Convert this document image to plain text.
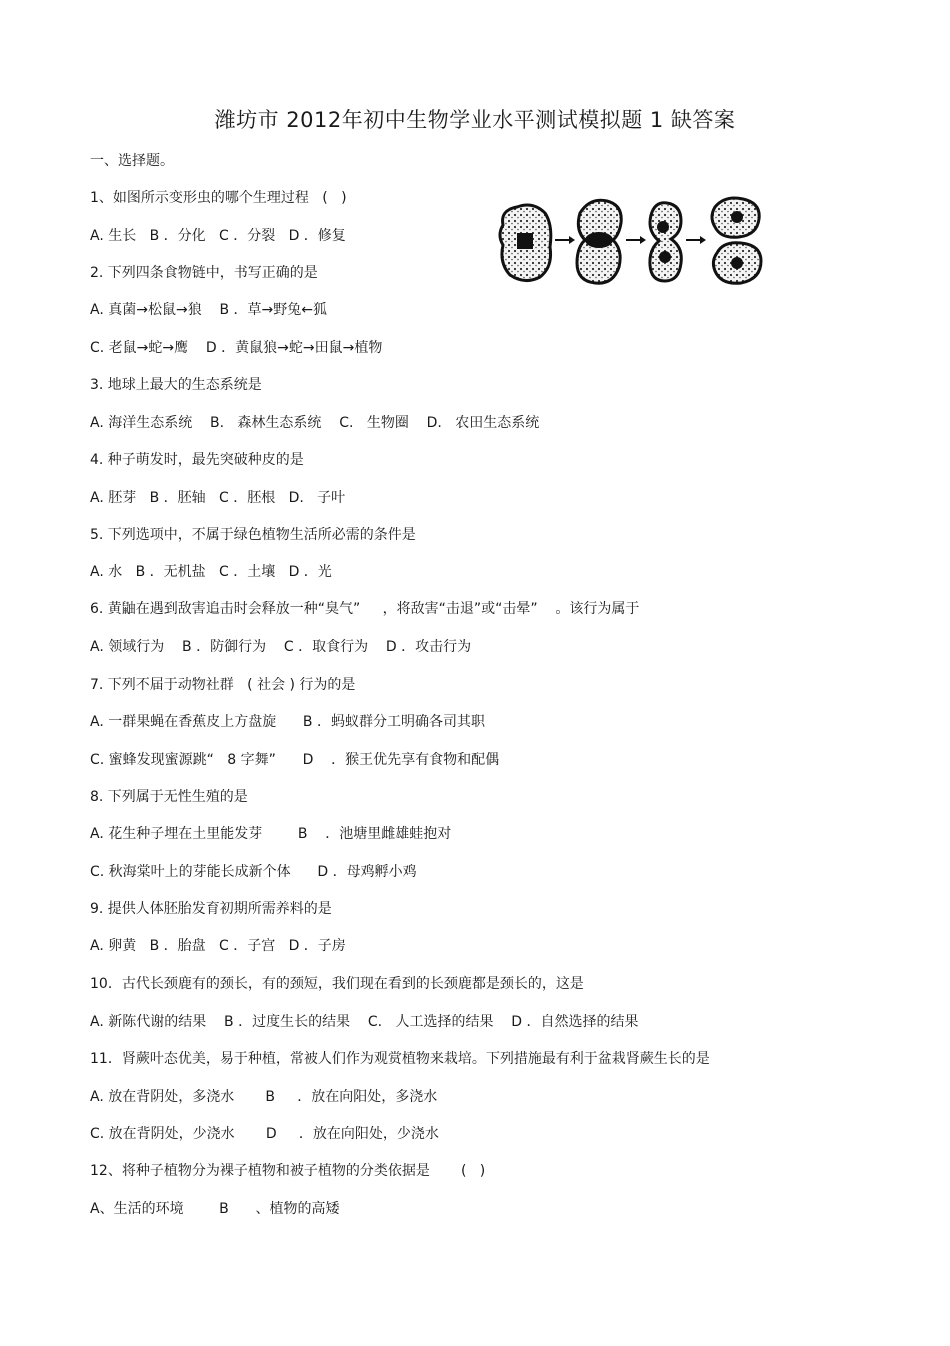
潍坊市 2012年初中生物学业水平测试模拟题 1 缺答案
一、选择题。
1、如图所示变形虫的哪个生理过程   (   )
A. 生长   B ．分化   C ．分裂   D ．修复
2. 下列四条食物链中，书写正确的是
A. 真菌→松鼠→狼    B ．草→野兔←狐
C. 老鼠→蛇→鹰    D ．黄鼠狼→蛇→田鼠→植物
3. 地球上最大的生态系统是
A. 海洋生态系统    B.   森林生态系统    C.   生物圈    D.   农田生态系统
4. 种子萌发时，最先突破种皮的是
A. 胚芽   B ．胚轴   C ．胚根   D.   子叶
5. 下列选项中，不属于绿色植物生活所必需的条件是
A. 水   B ．无机盐   C ．土壤   D ．光
6. 黄鼬在遇到敌害追击时会释放一种“臭气”     ，将敌害“击退”或“击晕”    。该行为属于
A. 领域行为    B ．防御行为    C ．取食行为    D ．攻击行为
7. 下列不届于动物社群   ( 社会 ) 行为的是
A. 一群果蝇在香蕉皮上方盘旋      B ．蚂蚁群分工明确各司其职
C. 蜜蜂发现蜜源跳“   8 字舞”      D    ．猴王优先享有食物和配偶
8. 下列属于无性生殖的是
A. 花生种子埋在土里能发芽        B    ．池塘里雌雄蛙抱对
C. 秋海棠叶上的芽能长成新个体      D ．母鸡孵小鸡
9. 提供人体胚胎发育初期所需养料的是
A. 卵黄   B ．胎盘   C ．子宫   D ．子房
10．古代长颈鹿有的颈长，有的颈短，我们现在看到的长颈鹿都是颈长的，这是
A. 新陈代谢的结果    B ．过度生长的结果    C.   人工选择的结果    D ．自然选择的结果
11．肾蕨叶态优美，易于种植，常被人们作为观赏植物来栽培。下列措施最有利于盆栽肾蕨生长的是
A. 放在背阴处，多浇水       B     ．放在向阳处，多浇水
C. 放在背阴处，少浇水       D     ．放在向阳处，少浇水
12、将种子植物分为裸子植物和被子植物的分类依据是       (   )
A、生活的环境        B      、植物的高矮
